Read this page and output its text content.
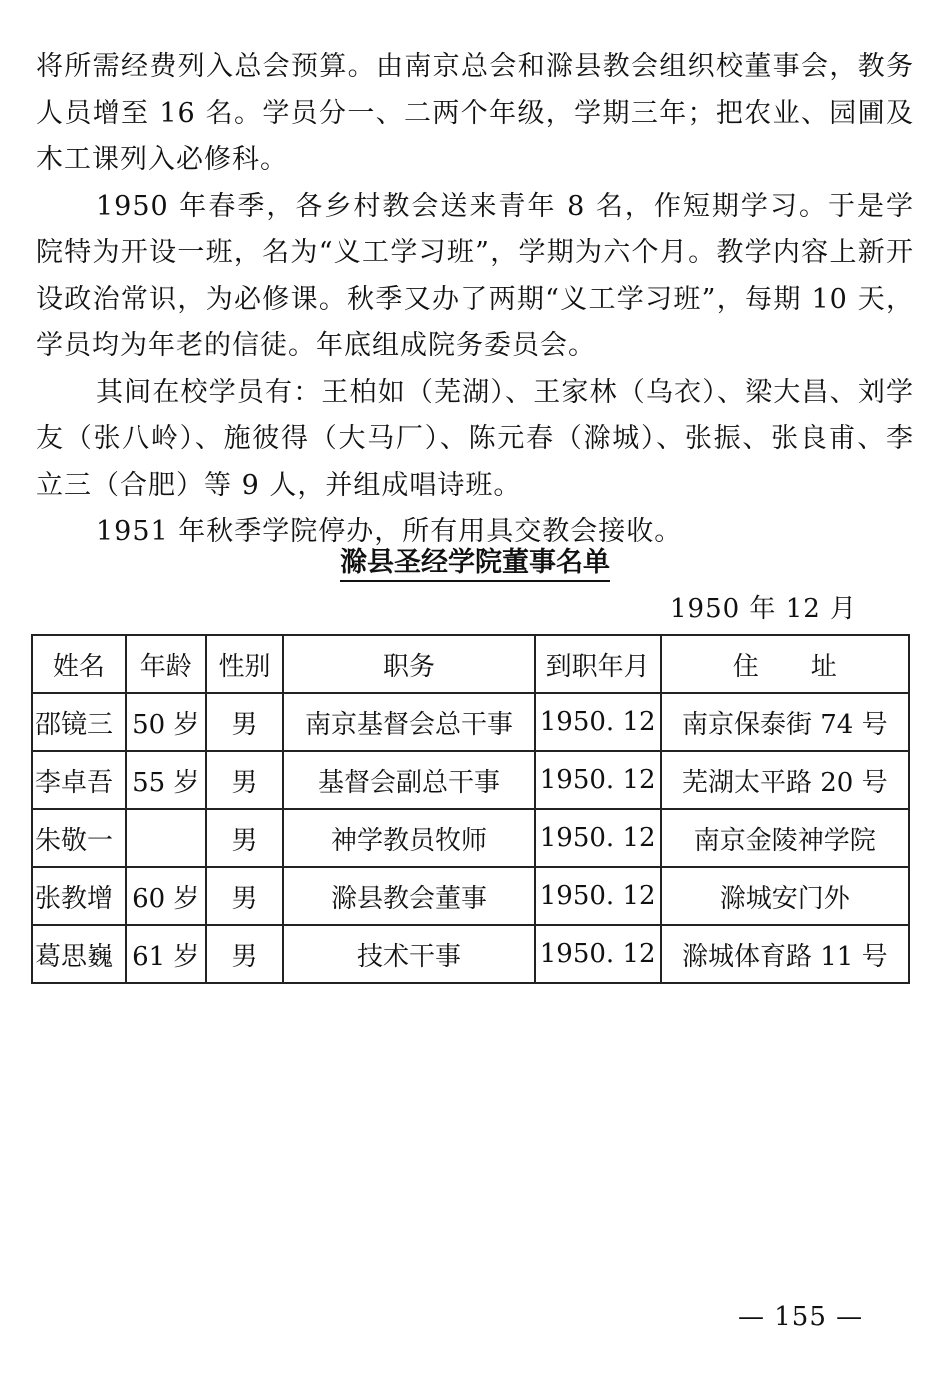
将所需经费列入总会预算。由南京总会和滁县教会组织校董事会，教务人员增至 16 名。学员分一、二两个年级，学期三年；把农业、园圃及木工课列入必修科。

1950 年春季，各乡村教会送来青年 8 名，作短期学习。于是学院特为开设一班，名为“义工学习班”，学期为六个月。教学内容上新开设政治常识，为必修课。秋季又办了两期“义工学习班”，每期 10 天，学员均为年老的信徒。年底组成院务委员会。

其间在校学员有：王柏如（芜湖）、王家林（乌衣）、梁大昌、刘学友（张八岭）、施彼得（大马厂）、陈元春（滁城）、张振、张良甫、李立三（合肥）等 9 人，并组成唱诗班。

1951 年秋季学院停办，所有用具交教会接收。

滁县圣经学院董事名单
1950 年 12 月
姓名	年龄	性别	职务	到职年月	住　　址
邵镜三	50 岁	男	南京基督会总干事	1950. 12	南京保泰街 74 号
李卓吾	55 岁	男	基督会副总干事	1950. 12	芜湖太平路 20 号
朱敬一		男	神学教员牧师	1950. 12	南京金陵神学院
张教增	60 岁	男	滁县教会董事	1950. 12	滁城安门外
葛思巍	61 岁	男	技术干事	1950. 12	滁城体育路 11 号
— 155 —
